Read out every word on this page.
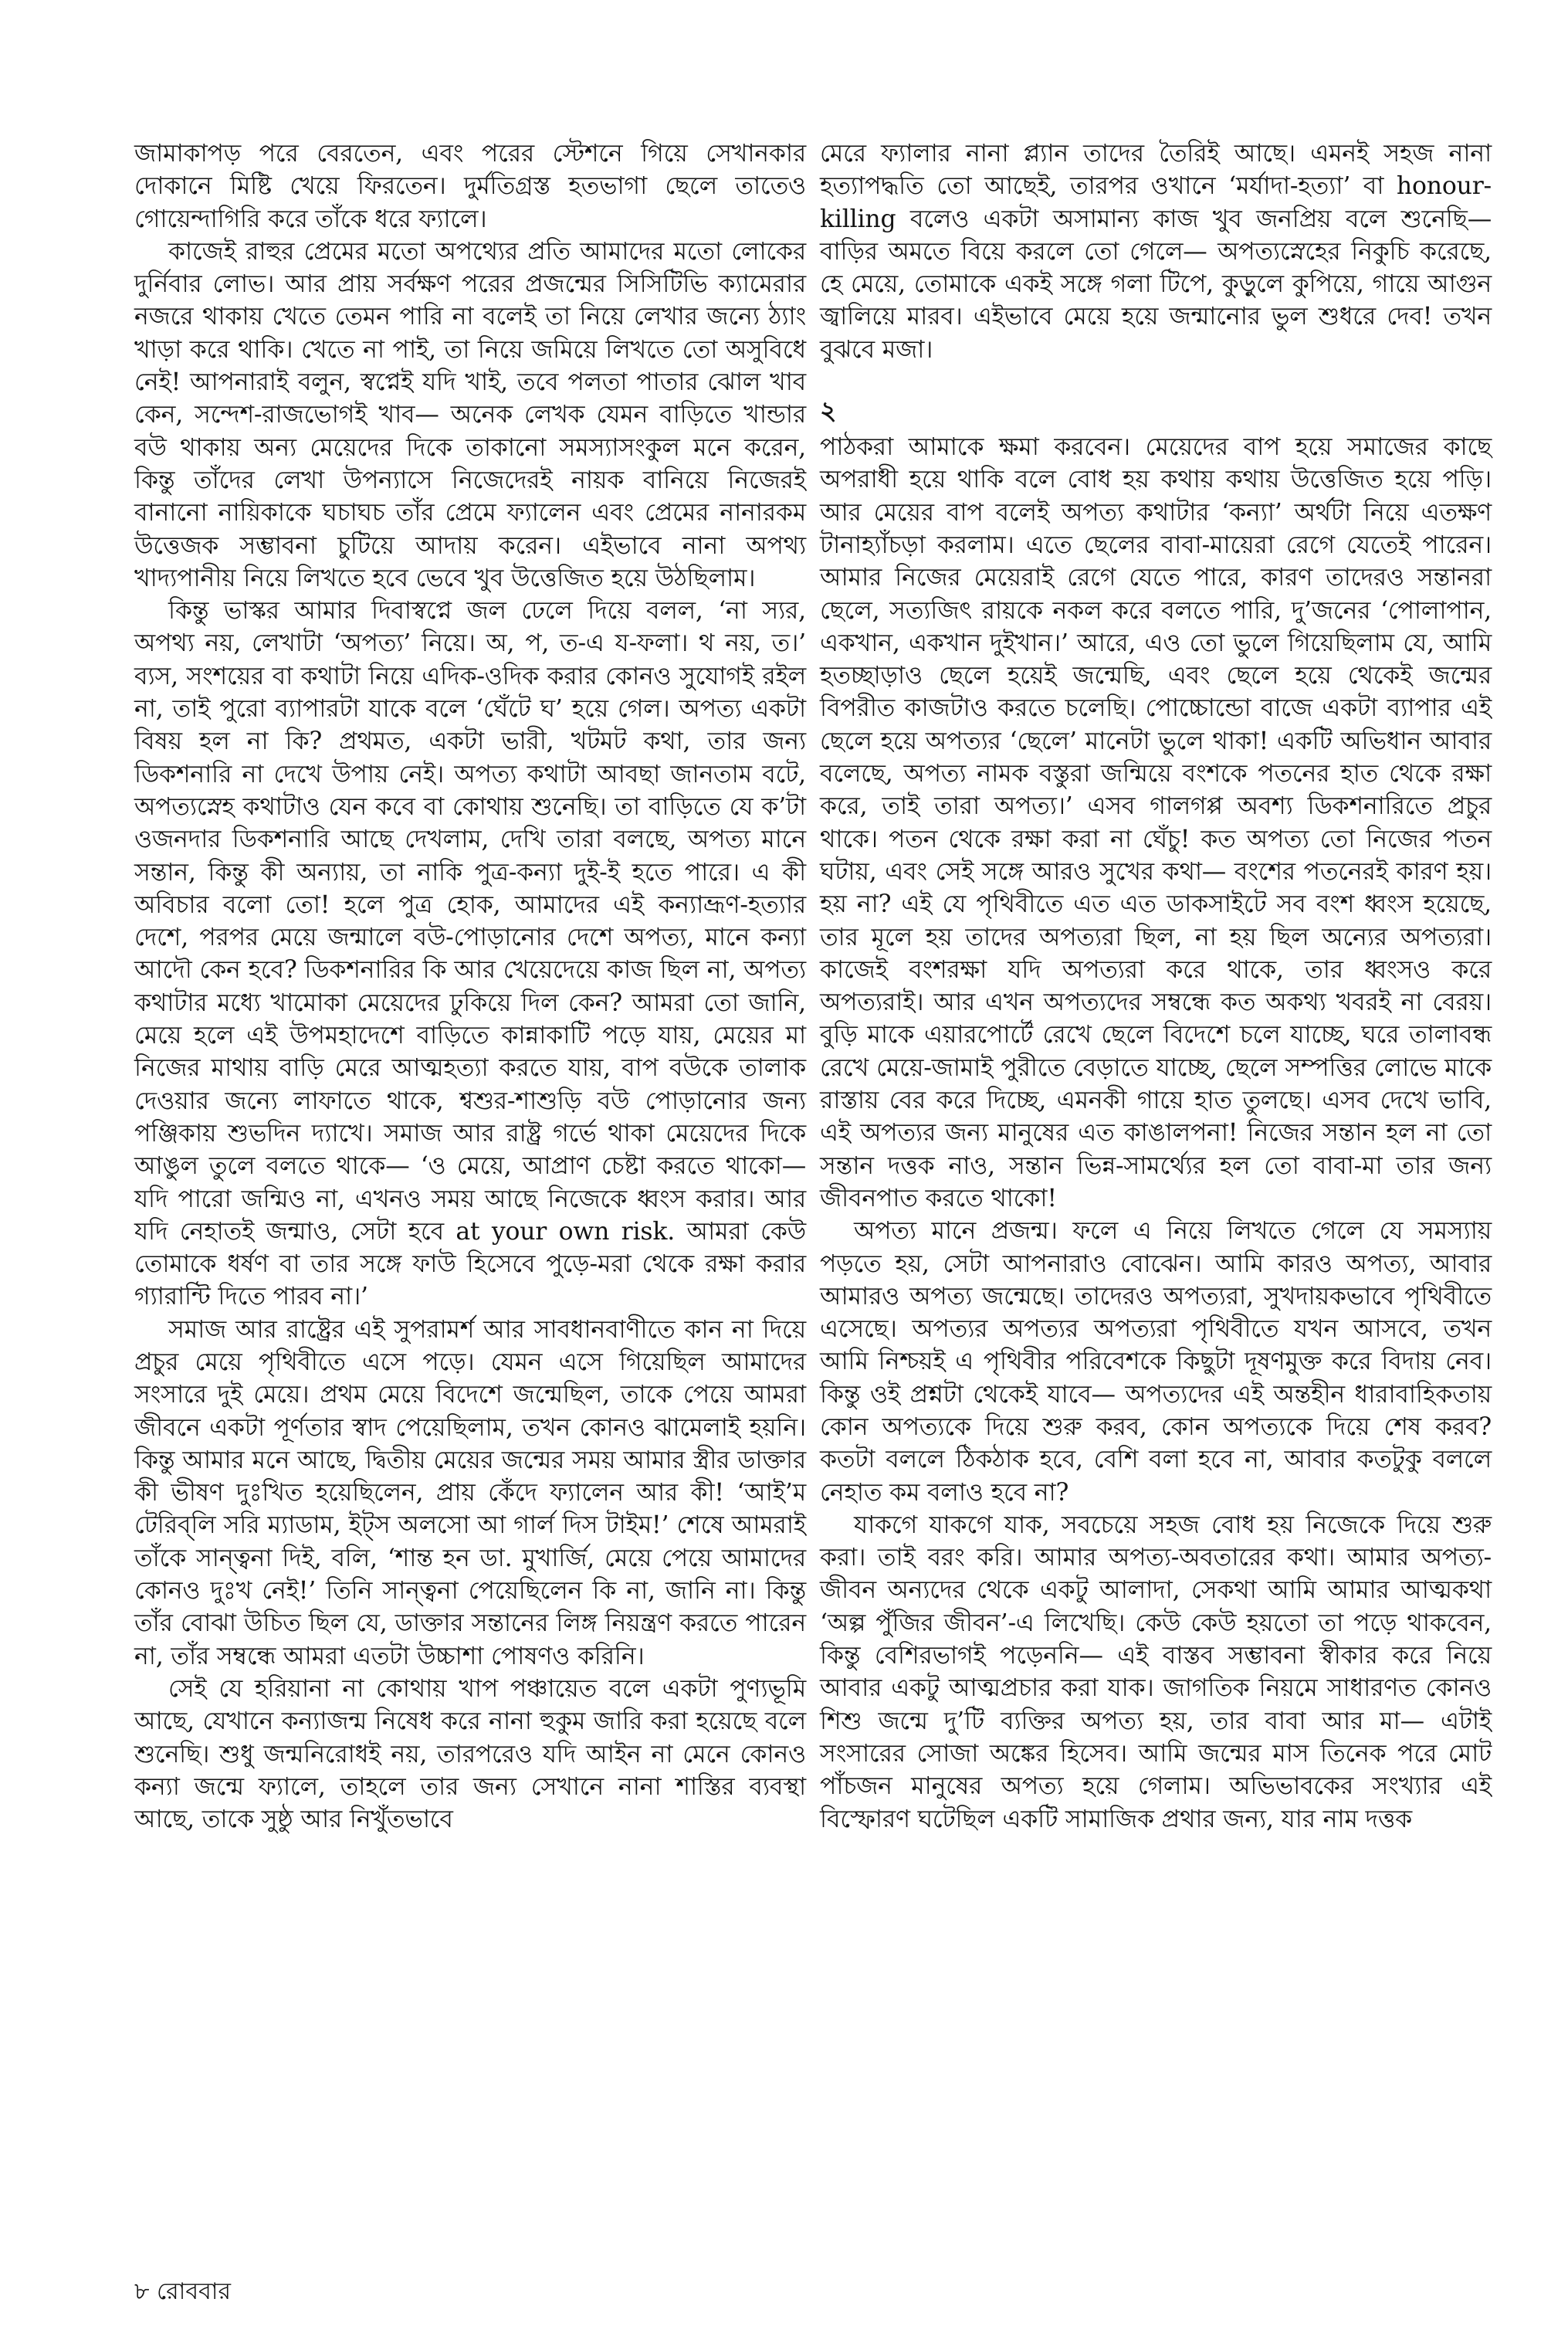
জামাকাপড় পরে বেরতেন, এবং পরের স্টেশনে গিয়ে সেখানকার দোকানে মিষ্টি খেয়ে ফিরতেন। দুর্মতিগ্রস্ত হতভাগা ছেলে তাতেও গোয়েন্দাগিরি করে তাঁকে ধরে ফ্যালে।

কাজেই রাহুর প্রেমের মতো অপথ্যের প্রতি আমাদের মতো লোকের দুর্নিবার লোভ। আর প্রায় সর্বক্ষণ পরের প্রজন্মের সিসিটিভি ক্যামেরার নজরে থাকায় খেতে তেমন পারি না বলেই তা নিয়ে লেখার জন্যে ঠ্যাং খাড়া করে থাকি। খেতে না পাই, তা নিয়ে জমিয়ে লিখতে তো অসুবিধে নেই! আপনারাই বলুন, স্বপ্নেই যদি খাই, তবে পলতা পাতার ঝোল খাব কেন, সন্দেশ-রাজভোগই খাব— অনেক লেখক যেমন বাড়িতে খান্ডার বউ থাকায় অন্য মেয়েদের দিকে তাকানো সমস্যাসংকুল মনে করেন, কিন্তু তাঁদের লেখা উপন্যাসে নিজেদেরই নায়ক বানিয়ে নিজেরই বানানো নায়িকাকে ঘচাঘচ তাঁর প্রেমে ফ্যালেন এবং প্রেমের নানারকম উত্তেজক সম্ভাবনা চুটিয়ে আদায় করেন। এইভাবে নানা অপথ্য খাদ্যপানীয় নিয়ে লিখতে হবে ভেবে খুব উত্তেজিত হয়ে উঠছিলাম।

কিন্তু ভাস্কর আমার দিবাস্বপ্নে জল ঢেলে দিয়ে বলল, ‘না স্যর, অপথ্য নয়, লেখাটা ‘অপত্য’ নিয়ে। অ, প, ত-এ য-ফলা। থ নয়, ত।’ ব্যস, সংশয়ের বা কথাটা নিয়ে এদিক-ওদিক করার কোনও সুযোগই রইল না, তাই পুরো ব্যাপারটা যাকে বলে ‘ঘেঁটে ঘ’ হয়ে গেল। অপত্য একটা বিষয় হল না কি? প্রথমত, একটা ভারী, খটমট কথা, তার জন্য ডিকশনারি না দেখে উপায় নেই। অপত্য কথাটা আবছা জানতাম বটে, অপত্যস্নেহ কথাটাও যেন কবে বা কোথায় শুনেছি। তা বাড়িতে যে ক’টা ওজনদার ডিকশনারি আছে দেখলাম, দেখি তারা বলছে, অপত্য মানে সন্তান, কিন্তু কী অন্যায়, তা নাকি পুত্র-কন্যা দুই-ই হতে পারে। এ কী অবিচার বলো তো! হলে পুত্র হোক, আমাদের এই কন্যাভ্রূণ-হত্যার দেশে, পরপর মেয়ে জন্মালে বউ-পোড়ানোর দেশে অপত্য, মানে কন্যা আদৌ কেন হবে? ডিকশনারির কি আর খেয়েদেয়ে কাজ ছিল না, অপত্য কথাটার মধ্যে খামোকা মেয়েদের ঢুকিয়ে দিল কেন? আমরা তো জানি, মেয়ে হলে এই উপমহাদেশে বাড়িতে কান্নাকাটি পড়ে যায়, মেয়ের মা নিজের মাথায় বাড়ি মেরে আত্মহত্যা করতে যায়, বাপ বউকে তালাক দেওয়ার জন্যে লাফাতে থাকে, শ্বশুর-শাশুড়ি বউ পোড়ানোর জন্য পঞ্জিকায় শুভদিন দ্যাখে। সমাজ আর রাষ্ট্র গর্ভে থাকা মেয়েদের দিকে আঙুল তুলে বলতে থাকে— ‘ও মেয়ে, আপ্রাণ চেষ্টা করতে থাকো— যদি পারো জন্মিও না, এখনও সময় আছে নিজেকে ধ্বংস করার। আর যদি নেহাতই জন্মাও, সেটা হবে at your own risk. আমরা কেউ তোমাকে ধর্ষণ বা তার সঙ্গে ফাউ হিসেবে পুড়ে-মরা থেকে রক্ষা করার গ্যারান্টি দিতে পারব না।’

সমাজ আর রাষ্ট্রের এই সুপরামর্শ আর সাবধানবাণীতে কান না দিয়ে প্রচুর মেয়ে পৃথিবীতে এসে পড়ে। যেমন এসে গিয়েছিল আমাদের সংসারে দুই মেয়ে। প্রথম মেয়ে বিদেশে জন্মেছিল, তাকে পেয়ে আমরা জীবনে একটা পূর্ণতার স্বাদ পেয়েছিলাম, তখন কোনও ঝামেলাই হয়নি। কিন্তু আমার মনে আছে, দ্বিতীয় মেয়ের জন্মের সময় আমার স্ত্রীর ডাক্তার কী ভীষণ দুঃখিত হয়েছিলেন, প্রায় কেঁদে ফ্যালেন আর কী! ‘আই’ম টেরিব্‌লি সরি ম্যাডাম, ইট্‌স অলসো আ গার্ল দিস টাইম!’ শেষে আমরাই তাঁকে সান্ত্বনা দিই, বলি, ‘শান্ত হন ডা. মুখার্জি, মেয়ে পেয়ে আমাদের কোনও দুঃখ নেই!’ তিনি সান্ত্বনা পেয়েছিলেন কি না, জানি না। কিন্তু তাঁর বোঝা উচিত ছিল যে, ডাক্তার সন্তানের লিঙ্গ নিয়ন্ত্রণ করতে পারেন না, তাঁর সম্বন্ধে আমরা এতটা উচ্চাশা পোষণও করিনি।

সেই যে হরিয়ানা না কোথায় খাপ পঞ্চায়েত বলে একটা পুণ্যভূমি আছে, যেখানে কন্যাজন্ম নিষেধ করে নানা হুকুম জারি করা হয়েছে বলে শুনেছি। শুধু জন্মনিরোধই নয়, তারপরেও যদি আইন না মেনে কোনও কন্যা জন্মে ফ্যালে, তাহলে তার জন্য সেখানে নানা শাস্তির ব্যবস্থা আছে, তাকে সুষ্ঠু আর নিখুঁতভাবে

মেরে ফ্যালার নানা প্ল্যান তাদের তৈরিই আছে। এমনই সহজ নানা হত্যাপদ্ধতি তো আছেই, তারপর ওখানে ‘মর্যাদা-হত্যা’ বা honour-killing বলেও একটা অসামান্য কাজ খুব জনপ্রিয় বলে শুনেছি— বাড়ির অমতে বিয়ে করলে তো গেলে— অপত্যস্নেহের নিকুচি করেছে, হে মেয়ে, তোমাকে একই সঙ্গে গলা টিপে, কুড়ুলে কুপিয়ে, গায়ে আগুন জ্বালিয়ে মারব। এইভাবে মেয়ে হয়ে জন্মানোর ভুল শুধরে দেব! তখন বুঝবে মজা।

২

পাঠকরা আমাকে ক্ষমা করবেন। মেয়েদের বাপ হয়ে সমাজের কাছে অপরাধী হয়ে থাকি বলে বোধ হয় কথায় কথায় উত্তেজিত হয়ে পড়ি। আর মেয়ের বাপ বলেই অপত্য কথাটার ‘কন্যা’ অর্থটা নিয়ে এতক্ষণ টানাহ্যাঁচড়া করলাম। এতে ছেলের বাবা-মায়েরা রেগে যেতেই পারেন। আমার নিজের মেয়েরাই রেগে যেতে পারে, কারণ তাদেরও সন্তানরা ছেলে, সত্যজিৎ রায়কে নকল করে বলতে পারি, দু’জনের ‘পোলাপান, একখান, একখান দুইখান।’ আরে, এও তো ভুলে গিয়েছিলাম যে, আমি হতচ্ছাড়াও ছেলে হয়েই জন্মেছি, এবং ছেলে হয়ে থেকেই জন্মের বিপরীত কাজটাও করতে চলেছি। পোচ্চোন্ডো বাজে একটা ব্যাপার এই ছেলে হয়ে অপত্যর ‘ছেলে’ মানেটা ভুলে থাকা! একটি অভিধান আবার বলেছে, অপত্য নামক বস্তুরা জন্মিয়ে বংশকে পতনের হাত থেকে রক্ষা করে, তাই তারা অপত্য।’ এসব গালগপ্প অবশ্য ডিকশনারিতে প্রচুর থাকে। পতন থেকে রক্ষা করা না ঘেঁচু! কত অপত্য তো নিজের পতন ঘটায়, এবং সেই সঙ্গে আরও সুখের কথা— বংশের পতনেরই কারণ হয়। হয় না? এই যে পৃথিবীতে এত এত ডাকসাইটে সব বংশ ধ্বংস হয়েছে, তার মূলে হয় তাদের অপত্যরা ছিল, না হয় ছিল অন্যের অপত্যরা। কাজেই বংশরক্ষা যদি অপত্যরা করে থাকে, তার ধ্বংসও করে অপত্যরাই। আর এখন অপত্যদের সম্বন্ধে কত অকথ্য খবরই না বেরয়। বুড়ি মাকে এয়ারপোর্টে রেখে ছেলে বিদেশে চলে যাচ্ছে, ঘরে তালাবন্ধ রেখে মেয়ে-জামাই পুরীতে বেড়াতে যাচ্ছে, ছেলে সম্পত্তির লোভে মাকে রাস্তায় বের করে দিচ্ছে, এমনকী গায়ে হাত তুলছে। এসব দেখে ভাবি, এই অপত্যর জন্য মানুষের এত কাঙালপনা! নিজের সন্তান হল না তো সন্তান দত্তক নাও, সন্তান ভিন্ন-সামর্থ্যের হল তো বাবা-মা তার জন্য জীবনপাত করতে থাকো!

অপত্য মানে প্রজন্ম। ফলে এ নিয়ে লিখতে গেলে যে সমস্যায় পড়তে হয়, সেটা আপনারাও বোঝেন। আমি কারও অপত্য, আবার আমারও অপত্য জন্মেছে। তাদেরও অপত্যরা, সুখদায়কভাবে পৃথিবীতে এসেছে। অপত্যর অপত্যর অপত্যরা পৃথিবীতে যখন আসবে, তখন আমি নিশ্চয়ই এ পৃথিবীর পরিবেশকে কিছুটা দূষণমুক্ত করে বিদায় নেব। কিন্তু ওই প্রশ্নটা থেকেই যাবে— অপত্যদের এই অন্তহীন ধারাবাহিকতায় কোন অপত্যকে দিয়ে শুরু করব, কোন অপত্যকে দিয়ে শেষ করব? কতটা বললে ঠিকঠাক হবে, বেশি বলা হবে না, আবার কতটুকু বললে নেহাত কম বলাও হবে না?

যাকগে যাকগে যাক, সবচেয়ে সহজ বোধ হয় নিজেকে দিয়ে শুরু করা। তাই বরং করি। আমার অপত্য-অবতারের কথা। আমার অপত্য-জীবন অন্যদের থেকে একটু আলাদা, সেকথা আমি আমার আত্মকথা ‘অল্প পুঁজির জীবন’-এ লিখেছি। কেউ কেউ হয়তো তা পড়ে থাকবেন, কিন্তু বেশিরভাগই পড়েননি— এই বাস্তব সম্ভাবনা স্বীকার করে নিয়ে আবার একটু আত্মপ্রচার করা যাক। জাগতিক নিয়মে সাধারণত কোনও শিশু জন্মে দু’টি ব্যক্তির অপত্য হয়, তার বাবা আর মা— এটাই সংসারের সোজা অঙ্কের হিসেব। আমি জন্মের মাস তিনেক পরে মোট পাঁচজন মানুষের অপত্য হয়ে গেলাম। অভিভাবকের সংখ্যার এই বিস্ফোরণ ঘটেছিল একটি সামাজিক প্রথার জন্য, যার নাম দত্তক

৮ রোববার
